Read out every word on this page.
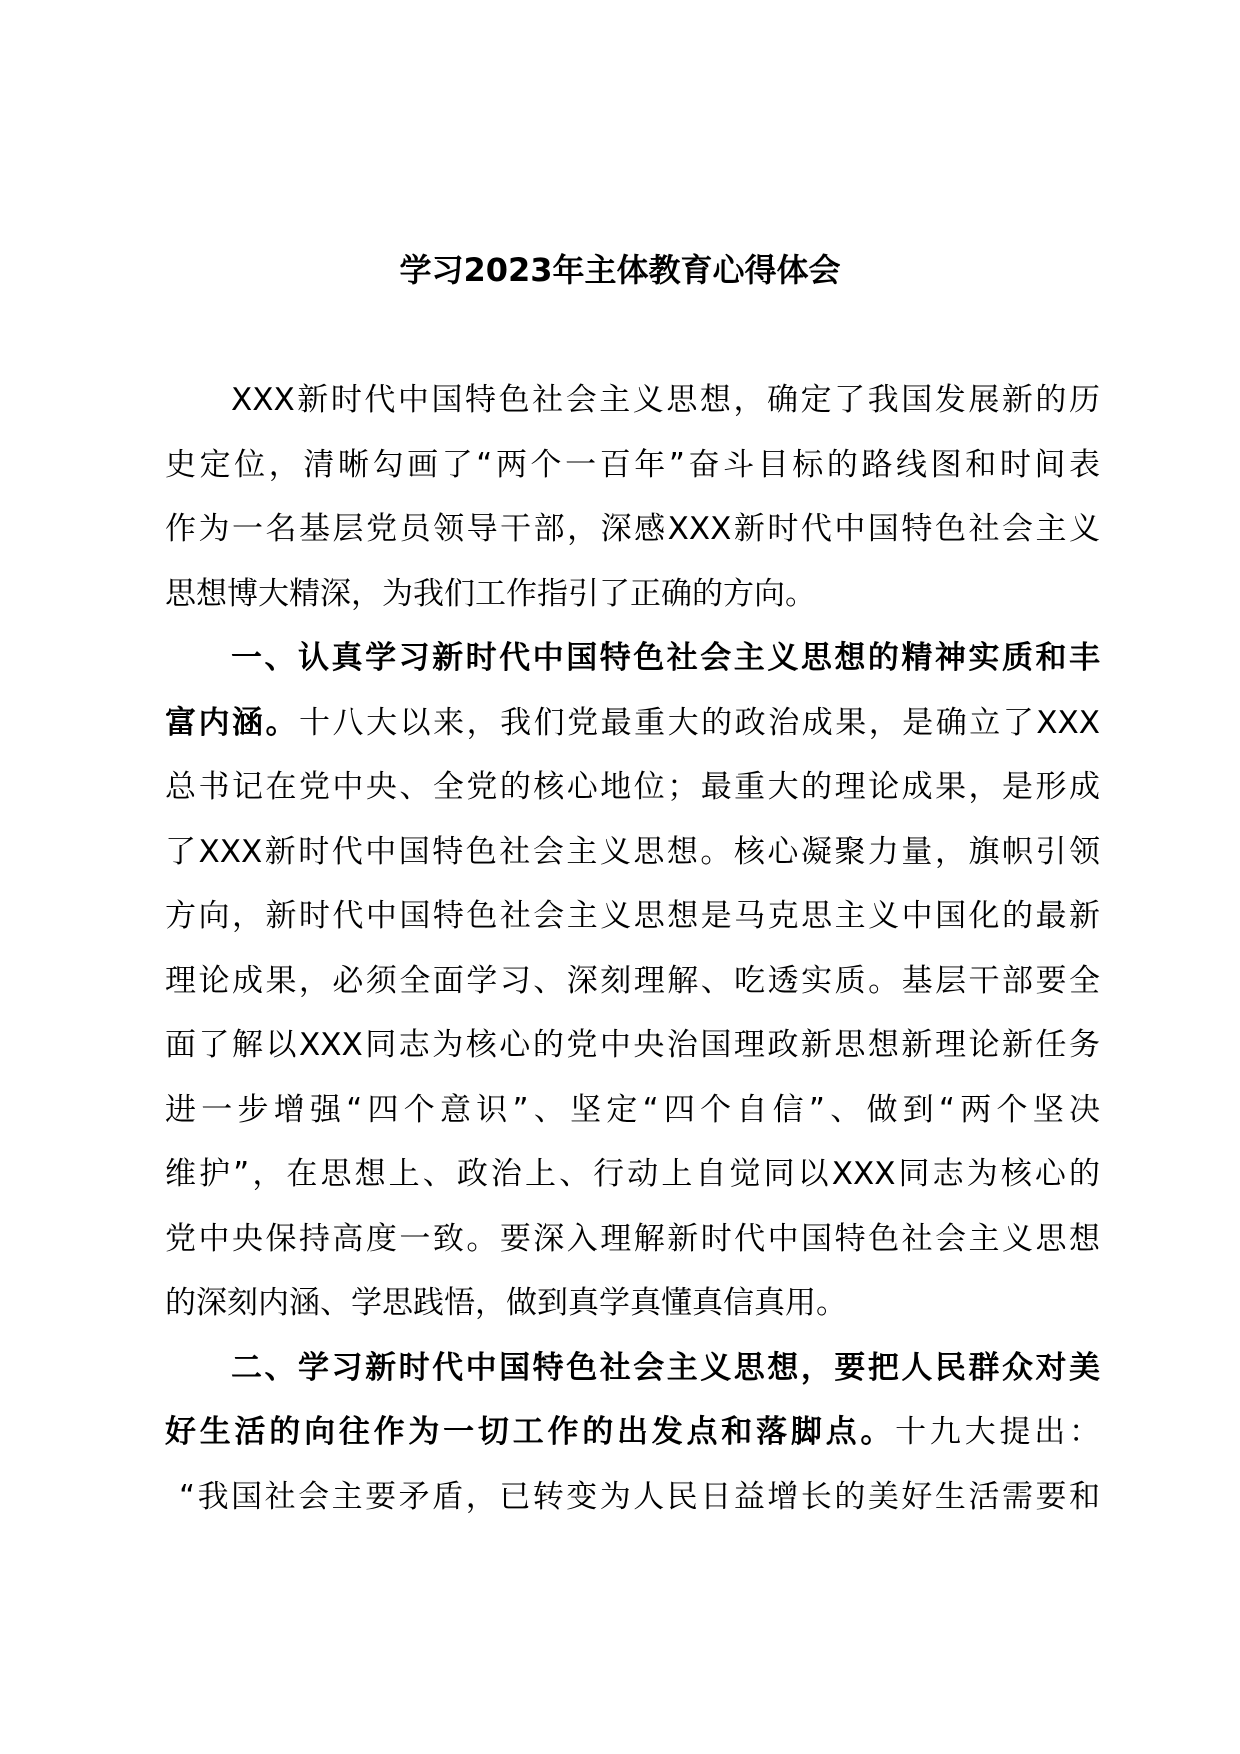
学习2023年主体教育心得体会
XXX新时代中国特色社会主义思想，确定了我国发展新的历
史定位，清晰勾画了“两个一百年”奋斗目标的路线图和时间表
作为一名基层党员领导干部，深感XXX新时代中国特色社会主义
思想博大精深，为我们工作指引了正确的方向。
一、认真学习新时代中国特色社会主义思想的精神实质和丰
富内涵。十八大以来，我们党最重大的政治成果，是确立了XXX
总书记在党中央、全党的核心地位；最重大的理论成果，是形成
了XXX新时代中国特色社会主义思想。核心凝聚力量，旗帜引领
方向，新时代中国特色社会主义思想是马克思主义中国化的最新
理论成果，必须全面学习、深刻理解、吃透实质。基层干部要全
面了解以XXX同志为核心的党中央治国理政新思想新理论新任务
进一步增强“四个意识”、坚定“四个自信”、做到“两个坚决
维护”，在思想上、政治上、行动上自觉同以XXX同志为核心的
党中央保持高度一致。要深入理解新时代中国特色社会主义思想
的深刻内涵、学思践悟，做到真学真懂真信真用。
二、学习新时代中国特色社会主义思想，要把人民群众对美
好生活的向往作为一切工作的出发点和落脚点。十九大提出：
“我国社会主要矛盾，已转变为人民日益增长的美好生活需要和
